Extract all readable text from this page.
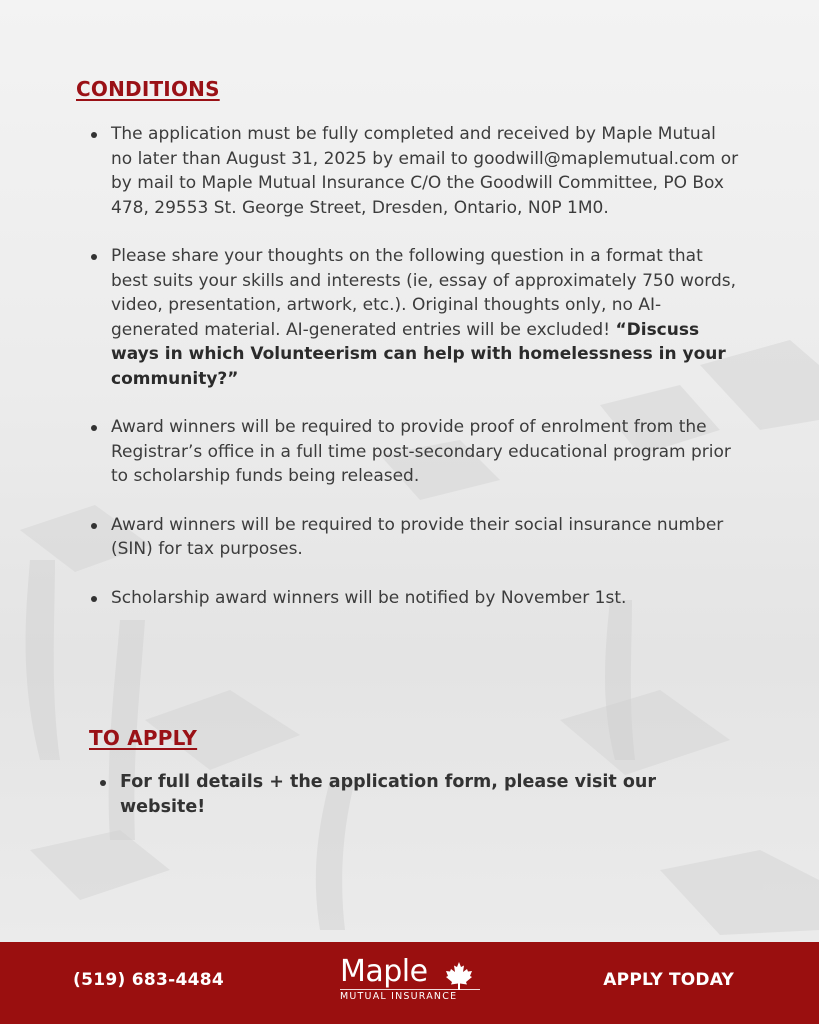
CONDITIONS
The application must be fully completed and received by Maple Mutual no later than August 31, 2025 by email to goodwill@maplemutual.com or by mail to Maple Mutual Insurance C/O the Goodwill Committee, PO Box 478, 29553 St. George Street, Dresden, Ontario, N0P 1M0.
Please share your thoughts on the following question in a format that best suits your skills and interests (ie, essay of approximately 750 words, video, presentation, artwork, etc.). Original thoughts only, no AI-generated material. AI-generated entries will be excluded! “Discuss ways in which Volunteerism can help with homelessness in your community?”
Award winners will be required to provide proof of enrolment from the Registrar’s office in a full time post-secondary educational program prior to scholarship funds being released.
Award winners will be required to provide their social insurance number (SIN) for tax purposes.
Scholarship award winners will be notified by November 1st.
TO APPLY
For full details + the application form, please visit our website!
(519) 683-4484	Maple
MUTUAL INSURANCE
APPLY TODAY
